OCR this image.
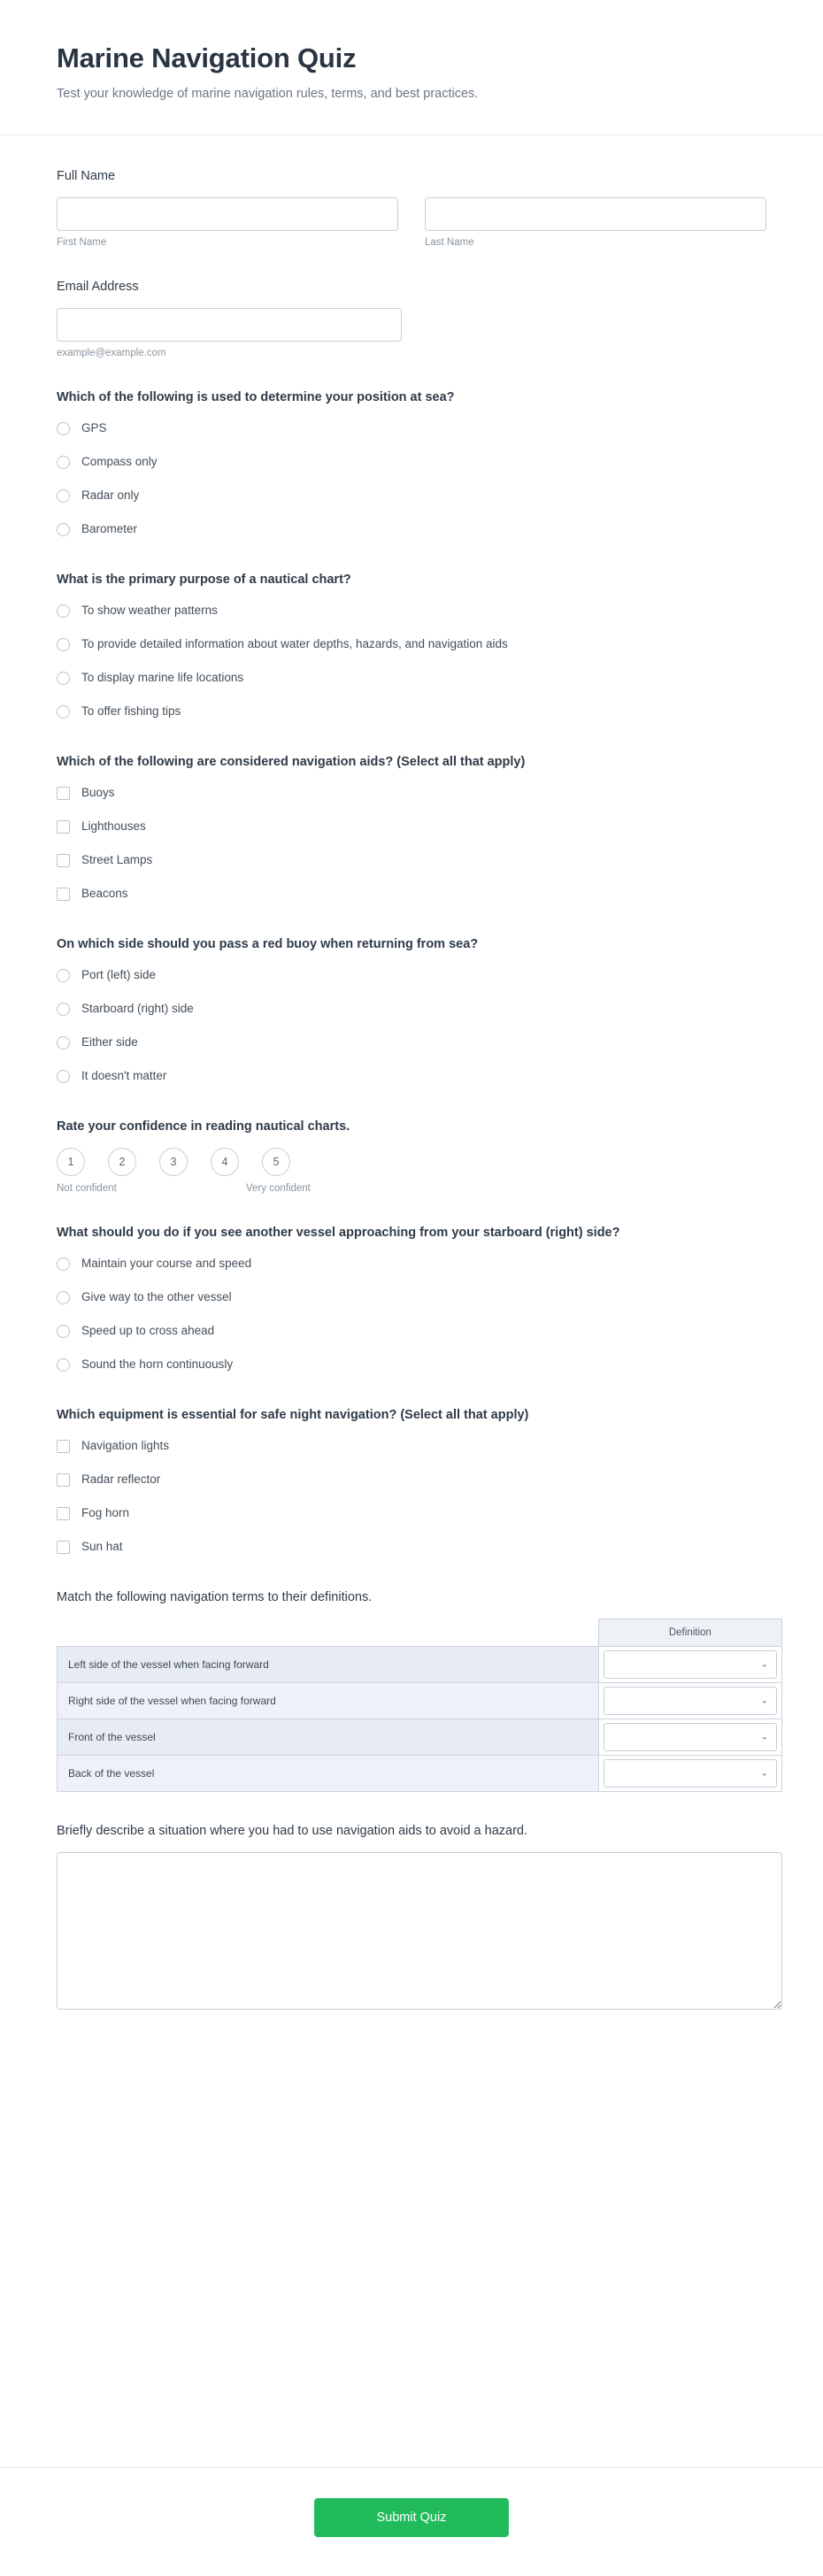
Marine Navigation Quiz

Test your knowledge of marine navigation rules, terms, and best practices.

Full Name
First Name	Last Name
Email Address
example@example.com
Which of the following is used to determine your position at sea?
GPS
Compass only
Radar only
Barometer
What is the primary purpose of a nautical chart?
To show weather patterns
To provide detailed information about water depths, hazards, and navigation aids
To display marine life locations
To offer fishing tips
Which of the following are considered navigation aids? (Select all that apply)
Buoys
Lighthouses
Street Lamps
Beacons
On which side should you pass a red buoy when returning from sea?
Port (left) side
Starboard (right) side
Either side
It doesn't matter
Rate your confidence in reading nautical charts.
1	2	3	4	5
Not confident	Very confident
What should you do if you see another vessel approaching from your starboard (right) side?
Maintain your course and speed
Give way to the other vessel
Speed up to cross ahead
Sound the horn continuously
Which equipment is essential for safe night navigation? (Select all that apply)
Navigation lights
Radar reflector
Fog horn
Sun hat
Match the following navigation terms to their definitions.
	Definition
Left side of the vessel when facing forward	⌄

Right side of the vessel when facing forward	⌄

Front of the vessel	⌄

Back of the vessel	⌄
Briefly describe a situation where you had to use navigation aids to avoid a hazard.
Submit Quiz
